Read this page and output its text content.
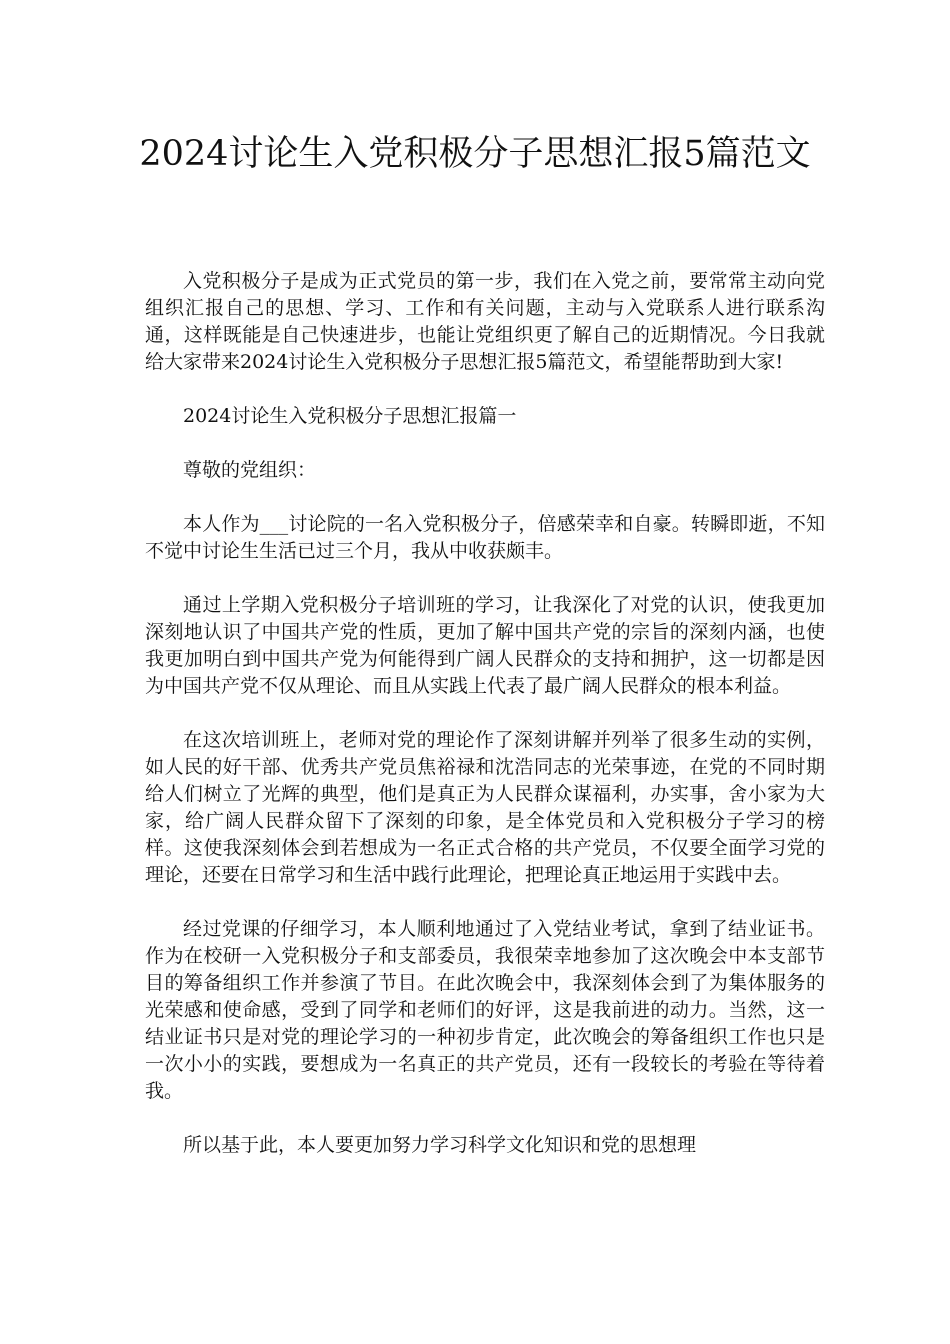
2024讨论生入党积极分子思想汇报5篇范文

入党积极分子是成为正式党员的第一步，我们在入党之前，要常常主动向党组织汇报自己的思想、学习、工作和有关问题，主动与入党联系人进行联系沟通，这样既能是自己快速进步，也能让党组织更了解自己的近期情况。今日我就给大家带来2024讨论生入党积极分子思想汇报5篇范文，希望能帮助到大家!

2024讨论生入党积极分子思想汇报篇一

尊敬的党组织：

本人作为___讨论院的一名入党积极分子，倍感荣幸和自豪。转瞬即逝，不知不觉中讨论生生活已过三个月，我从中收获颇丰。

通过上学期入党积极分子培训班的学习，让我深化了对党的认识，使我更加深刻地认识了中国共产党的性质，更加了解中国共产党的宗旨的深刻内涵，也使我更加明白到中国共产党为何能得到广阔人民群众的支持和拥护，这一切都是因为中国共产党不仅从理论、而且从实践上代表了最广阔人民群众的根本利益。

在这次培训班上，老师对党的理论作了深刻讲解并列举了很多生动的实例，如人民的好干部、优秀共产党员焦裕禄和沈浩同志的光荣事迹，在党的不同时期给人们树立了光辉的典型，他们是真正为人民群众谋福利，办实事，舍小家为大家，给广阔人民群众留下了深刻的印象，是全体党员和入党积极分子学习的榜样。这使我深刻体会到若想成为一名正式合格的共产党员，不仅要全面学习党的理论，还要在日常学习和生活中践行此理论，把理论真正地运用于实践中去。

经过党课的仔细学习，本人顺利地通过了入党结业考试，拿到了结业证书。作为在校研一入党积极分子和支部委员，我很荣幸地参加了这次晚会中本支部节目的筹备组织工作并参演了节目。在此次晚会中，我深刻体会到了为集体服务的光荣感和使命感，受到了同学和老师们的好评，这是我前进的动力。当然，这一结业证书只是对党的理论学习的一种初步肯定，此次晚会的筹备组织工作也只是一次小小的实践，要想成为一名真正的共产党员，还有一段较长的考验在等待着我。

所以基于此，本人要更加努力学习科学文化知识和党的思想理
